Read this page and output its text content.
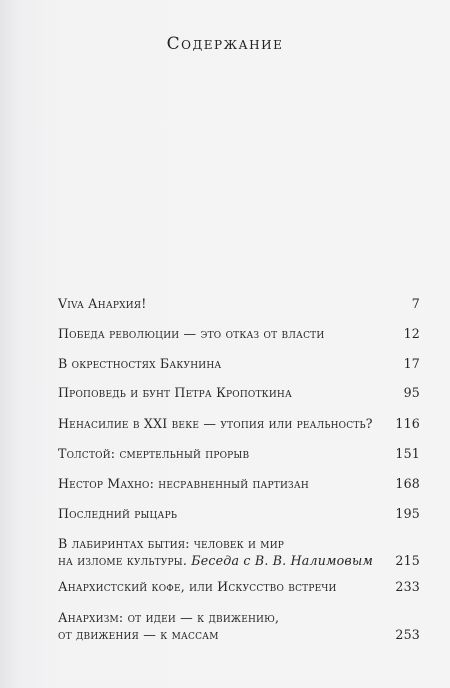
Содержание
Viva Анархия!	7
Победа революции — это отказ от власти	12
В окрестностях Бакунина	17
Проповедь и бунт Петра Кропоткина	95
Ненасилие в XXI веке — утопия или реальность? 116
Толстой: смертельный прорыв	151
Нестор Махно: несравненный партизан	168
Последний рыцарь	195
В лабиринтах бытия: человек и мир
на изломе культуры. Беседа с В. В. Налимовым 215
Анархистский кофе, или Искусство встречи	233
Анархизм: от идеи — к движению,
от движения — к массам	253
